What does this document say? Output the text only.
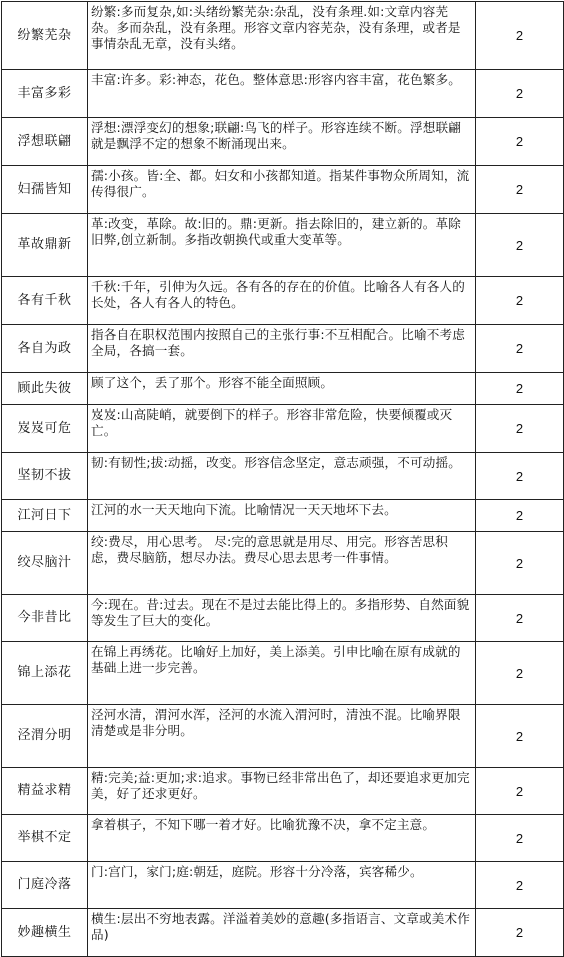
纷繁芜杂	纷繁:多而复杂,如:头绪纷繁芜杂:杂乱，没有条理.如:文章内容芜杂。多而杂乱，没有条理。形容文章内容芜杂，没有条理，或者是事情杂乱无章，没有头绪。	2
丰富多彩	丰富:许多。彩:神态，花色。整体意思:形容内容丰富，花色繁多。	2
浮想联翩	浮想:漂浮变幻的想象;联翩:鸟飞的样子。形容连续不断。浮想联翩就是飘浮不定的想象不断涌现出来。	2
妇孺皆知	孺:小孩。皆:全、都。妇女和小孩都知道。指某件事物众所周知，流传得很广。	2
革故鼎新	革:改变，革除。故:旧的。鼎:更新。指去除旧的，建立新的。革除旧弊,创立新制。多指改朝换代或重大变革等。	2
各有千秋	千秋:千年，引伸为久远。各有各的存在的价值。比喻各人有各人的长处，各人有各人的特色。	2
各自为政	指各自在职权范围内按照自己的主张行事:不互相配合。比喻不考虑全局，各搞一套。	2
顾此失彼	顾了这个，丢了那个。形容不能全面照顾。	2
岌岌可危	岌岌:山高陡峭，就要倒下的样子。形容非常危险，快要倾覆或灭亡。	2
坚韧不拔	韧:有韧性;拔:动摇，改变。形容信念坚定，意志顽强，不可动摇。	2
江河日下	江河的水一天天地向下流。比喻情况一天天地坏下去。	2
绞尽脑汁	绞:费尽，用心思考。 尽:完的意思就是用尽、用完。形容苦思积虑，费尽脑筋，想尽办法。费尽心思去思考一件事情。	2
今非昔比	今:现在。昔:过去。现在不是过去能比得上的。多指形势、自然面貌等发生了巨大的变化。	2
锦上添花	在锦上再绣花。比喻好上加好，美上添美。引申比喻在原有成就的基础上进一步完善。	2
泾渭分明	泾河水清，渭河水浑，泾河的水流入渭河时，清浊不混。比喻界限清楚或是非分明。	2
精益求精	精:完美;益:更加;求:追求。事物已经非常出色了，却还要追求更加完美，好了还求更好。	2
举棋不定	拿着棋子，不知下哪一着才好。比喻犹豫不决，拿不定主意。	2
门庭冷落	门:宫门，家门;庭:朝廷，庭院。形容十分冷落，宾客稀少。	2
妙趣横生	横生:层出不穷地表露。洋溢着美妙的意趣(多指语言、文章或美术作品)	2
